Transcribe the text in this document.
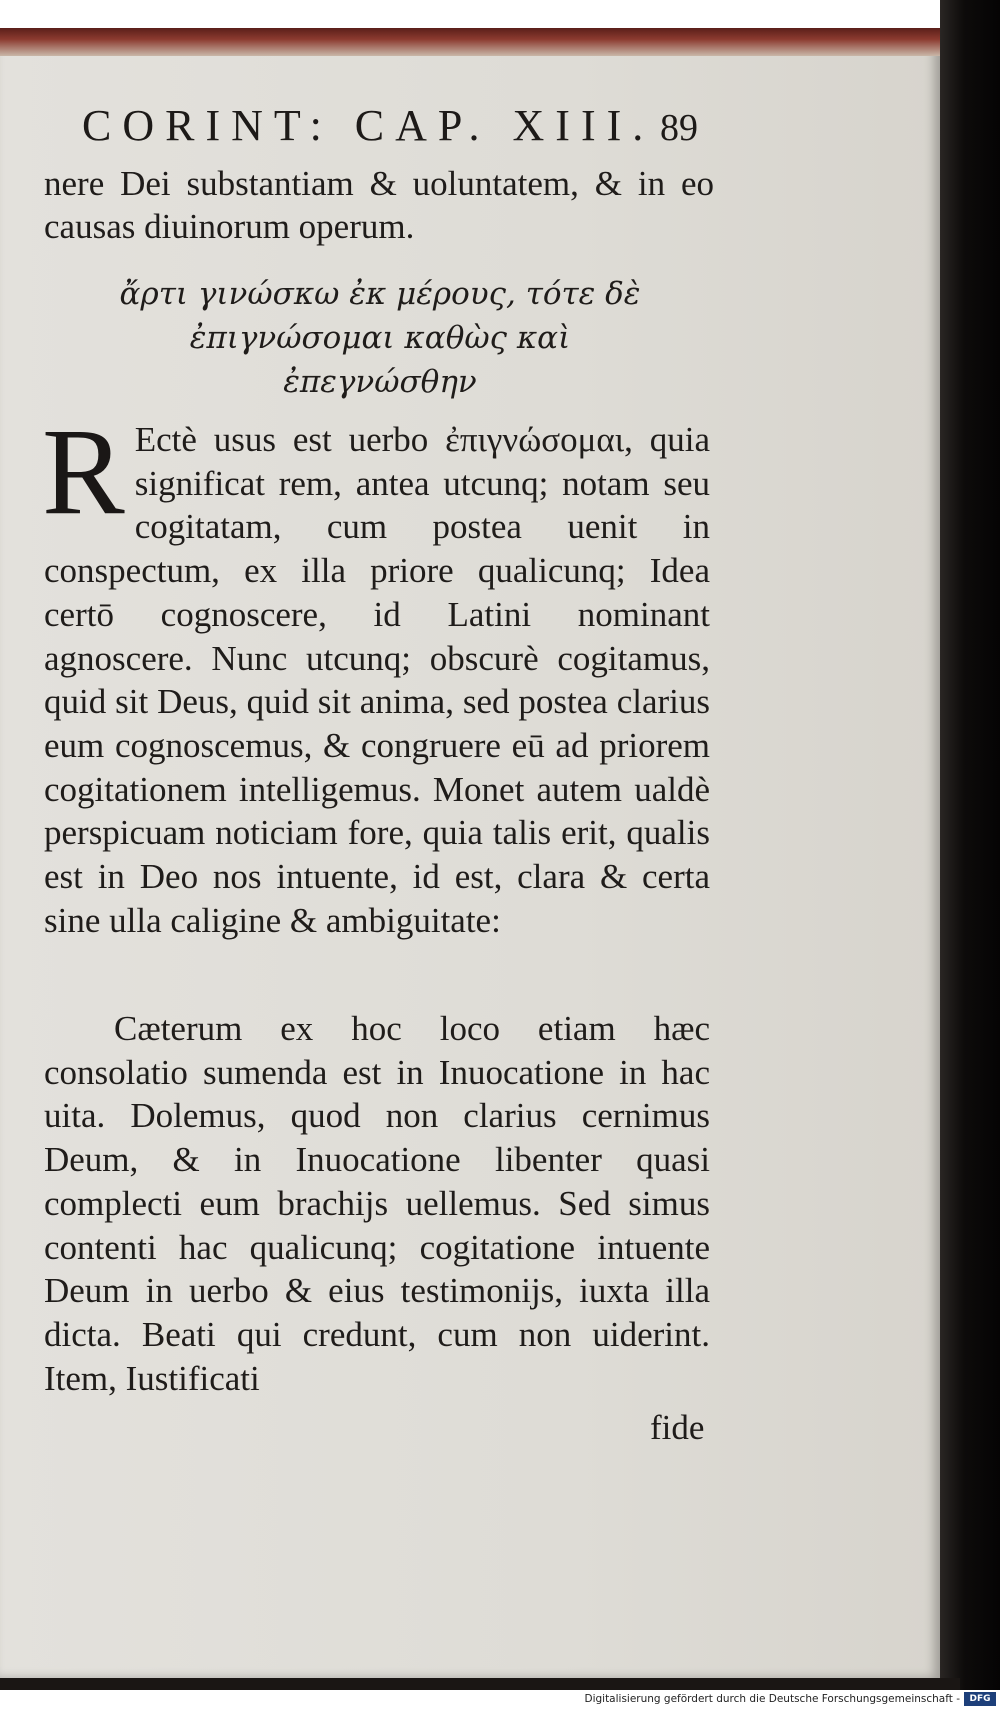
CORINT: CAP. XIII. 89
nere Dei substantiam & uoluntatem, & in eo causas diuinorum operum.
ἄρτι γινώσκω ἐκ μέρους, τότε δὲ
ἐπιγνώσομαι καθὼς καὶ
ἐπεγνώσθην
R Ectè usus est uerbo ἐπιγνώσομαι, quia significat rem, antea utcunq; notam seu cogitatam, cum postea uenit in conspectum, ex illa priore qualicunq; Idea certō cognoscere, id Latini nominant agnoscere. Nunc utcunq; obscurè cogitamus, quid sit Deus, quid sit anima, sed postea clarius eum cognoscemus, & congruere eū ad priorem cogitationem intelligemus. Monet autem ualdè perspicuam noticiam fore, quia talis erit, qualis est in Deo nos intuente, id est, clara & certa sine ulla caligine & ambiguitate:
Cæterum ex hoc loco etiam hæc consolatio sumenda est in Inuocatione in hac uita. Dolemus, quod non clarius cernimus Deum, & in Inuocatione libenter quasi complecti eum brachijs uellemus. Sed simus contenti hac qualicunq; cogitatione intuente Deum in uerbo & eius testimonijs, iuxta illa dicta. Beati qui credunt, cum non uiderint. Item, Iustificati
fide
Digitalisierung gefördert durch die Deutsche Forschungsgemeinschaft -	DFG
